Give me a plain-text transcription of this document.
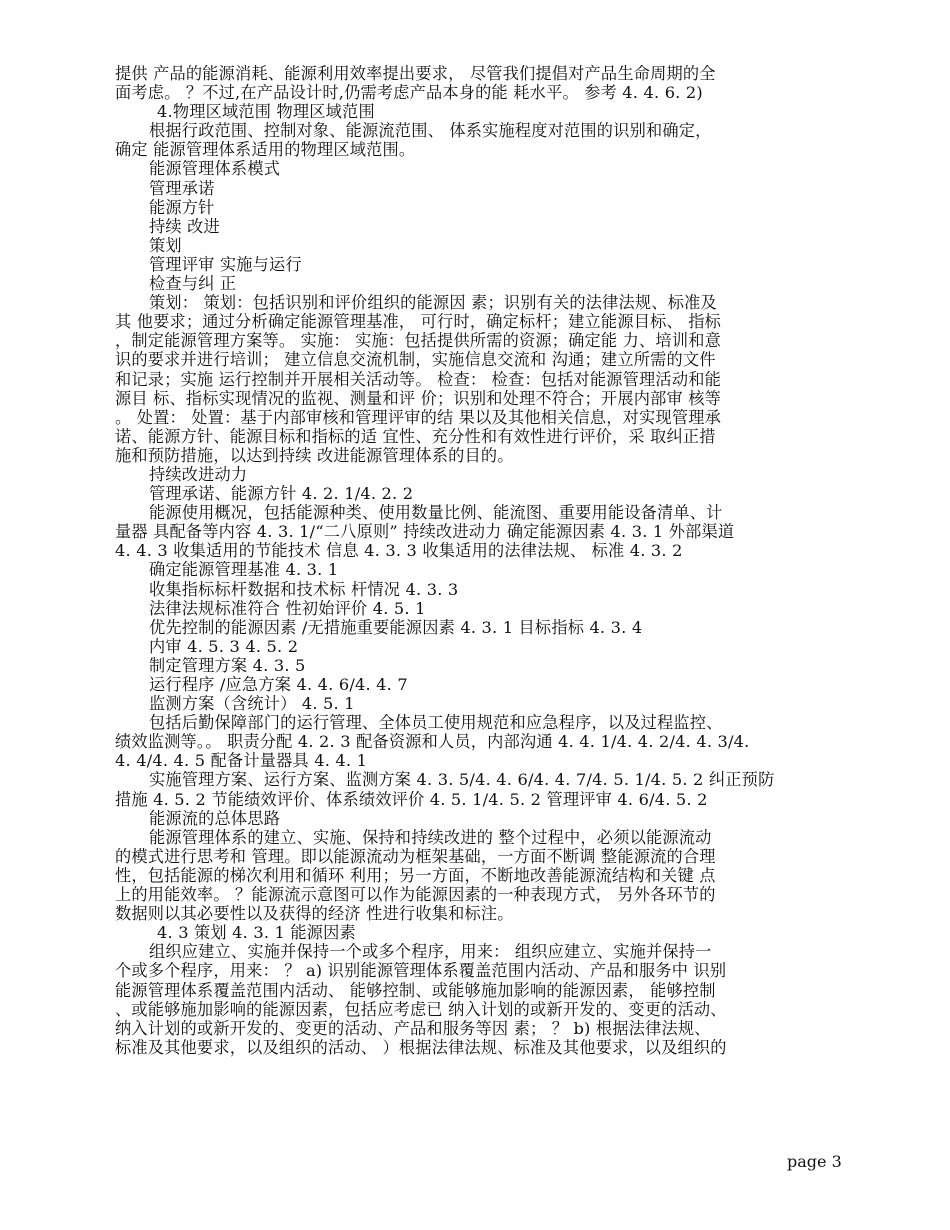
提供 产品的能源消耗、能源利用效率提出要求， 尽管我们提倡对产品生命周期的全
面考虑。 ？不过,在产品设计时,仍需考虑产品本身的能 耗水平。 参考 4. 4. 6. 2)
4.物理区域范围 物理区域范围
根据行政范围、控制对象、能源流范围、 体系实施程度对范围的识别和确定，
确定 能源管理体系适用的物理区域范围。
能源管理体系模式
管理承诺
能源方针
持续 改进
策划
管理评审 实施与运行
检查与纠 正
策划： 策划：包括识别和评价组织的能源因 素；识别有关的法律法规、标准及
其 他要求；通过分析确定能源管理基准， 可行时，确定标杆；建立能源目标、 指标
，制定能源管理方案等。 实施： 实施：包括提供所需的资源；确定能 力、培训和意
识的要求并进行培训； 建立信息交流机制，实施信息交流和 沟通；建立所需的文件
和记录；实施 运行控制并开展相关活动等。 检查： 检查：包括对能源管理活动和能
源目 标、指标实现情况的监视、测量和评 价；识别和处理不符合；开展内部审 核等
。 处置： 处置：基于内部审核和管理评审的结 果以及其他相关信息，对实现管理承
诺、能源方针、能源目标和指标的适 宜性、充分性和有效性进行评价，采 取纠正措
施和预防措施，以达到持续 改进能源管理体系的目的。
持续改进动力
管理承诺、能源方针 4. 2. 1/4. 2. 2
能源使用概况，包括能源种类、使用数量比例、能流图、重要用能设备清单、计
量器 具配备等内容 4. 3. 1/“二八原则” 持续改进动力 确定能源因素 4. 3. 1 外部渠道
4. 4. 3 收集适用的节能技术 信息 4. 3. 3 收集适用的法律法规、 标准 4. 3. 2
确定能源管理基准 4. 3. 1
收集指标标杆数据和技术标 杆情况 4. 3. 3
法律法规标准符合 性初始评价 4. 5. 1
优先控制的能源因素 /无措施重要能源因素 4. 3. 1 目标指标 4. 3. 4
内审 4. 5. 3 4. 5. 2
制定管理方案 4. 3. 5
运行程序 /应急方案 4. 4. 6/4. 4. 7
监测方案（含统计） 4. 5. 1
包括后勤保障部门的运行管理、全体员工使用规范和应急程序，以及过程监控、
绩效监测等。。 职责分配 4. 2. 3 配备资源和人员，内部沟通 4. 4. 1/4. 4. 2/4. 4. 3/4.
4. 4/4. 4. 5 配备计量器具 4. 4. 1
实施管理方案、运行方案、监测方案 4. 3. 5/4. 4. 6/4. 4. 7/4. 5. 1/4. 5. 2 纠正预防
措施 4. 5. 2 节能绩效评价、体系绩效评价 4. 5. 1/4. 5. 2 管理评审 4. 6/4. 5. 2
能源流的总体思路
能源管理体系的建立、实施、保持和持续改进的 整个过程中，必须以能源流动
的模式进行思考和 管理。即以能源流动为框架基础，一方面不断调 整能源流的合理
性，包括能源的梯次利用和循环 利用；另一方面，不断地改善能源流结构和关键 点
上的用能效率。 ？能源流示意图可以作为能源因素的一种表现方式， 另外各环节的
数据则以其必要性以及获得的经济 性进行收集和标注。
4. 3 策划 4. 3. 1 能源因素
组织应建立、实施并保持一个或多个程序，用来： 组织应建立、实施并保持一
个或多个程序，用来： ？ a) 识别能源管理体系覆盖范围内活动、产品和服务中 识别
能源管理体系覆盖范围内活动、 能够控制、或能够施加影响的能源因素， 能够控制
、或能够施加影响的能源因素，包括应考虑已 纳入计划的或新开发的、变更的活动、
纳入计划的或新开发的、变更的活动、产品和服务等因 素； ？ b) 根据法律法规、
标准及其他要求，以及组织的活动、 ）根据法律法规、标准及其他要求，以及组织的
page 3
